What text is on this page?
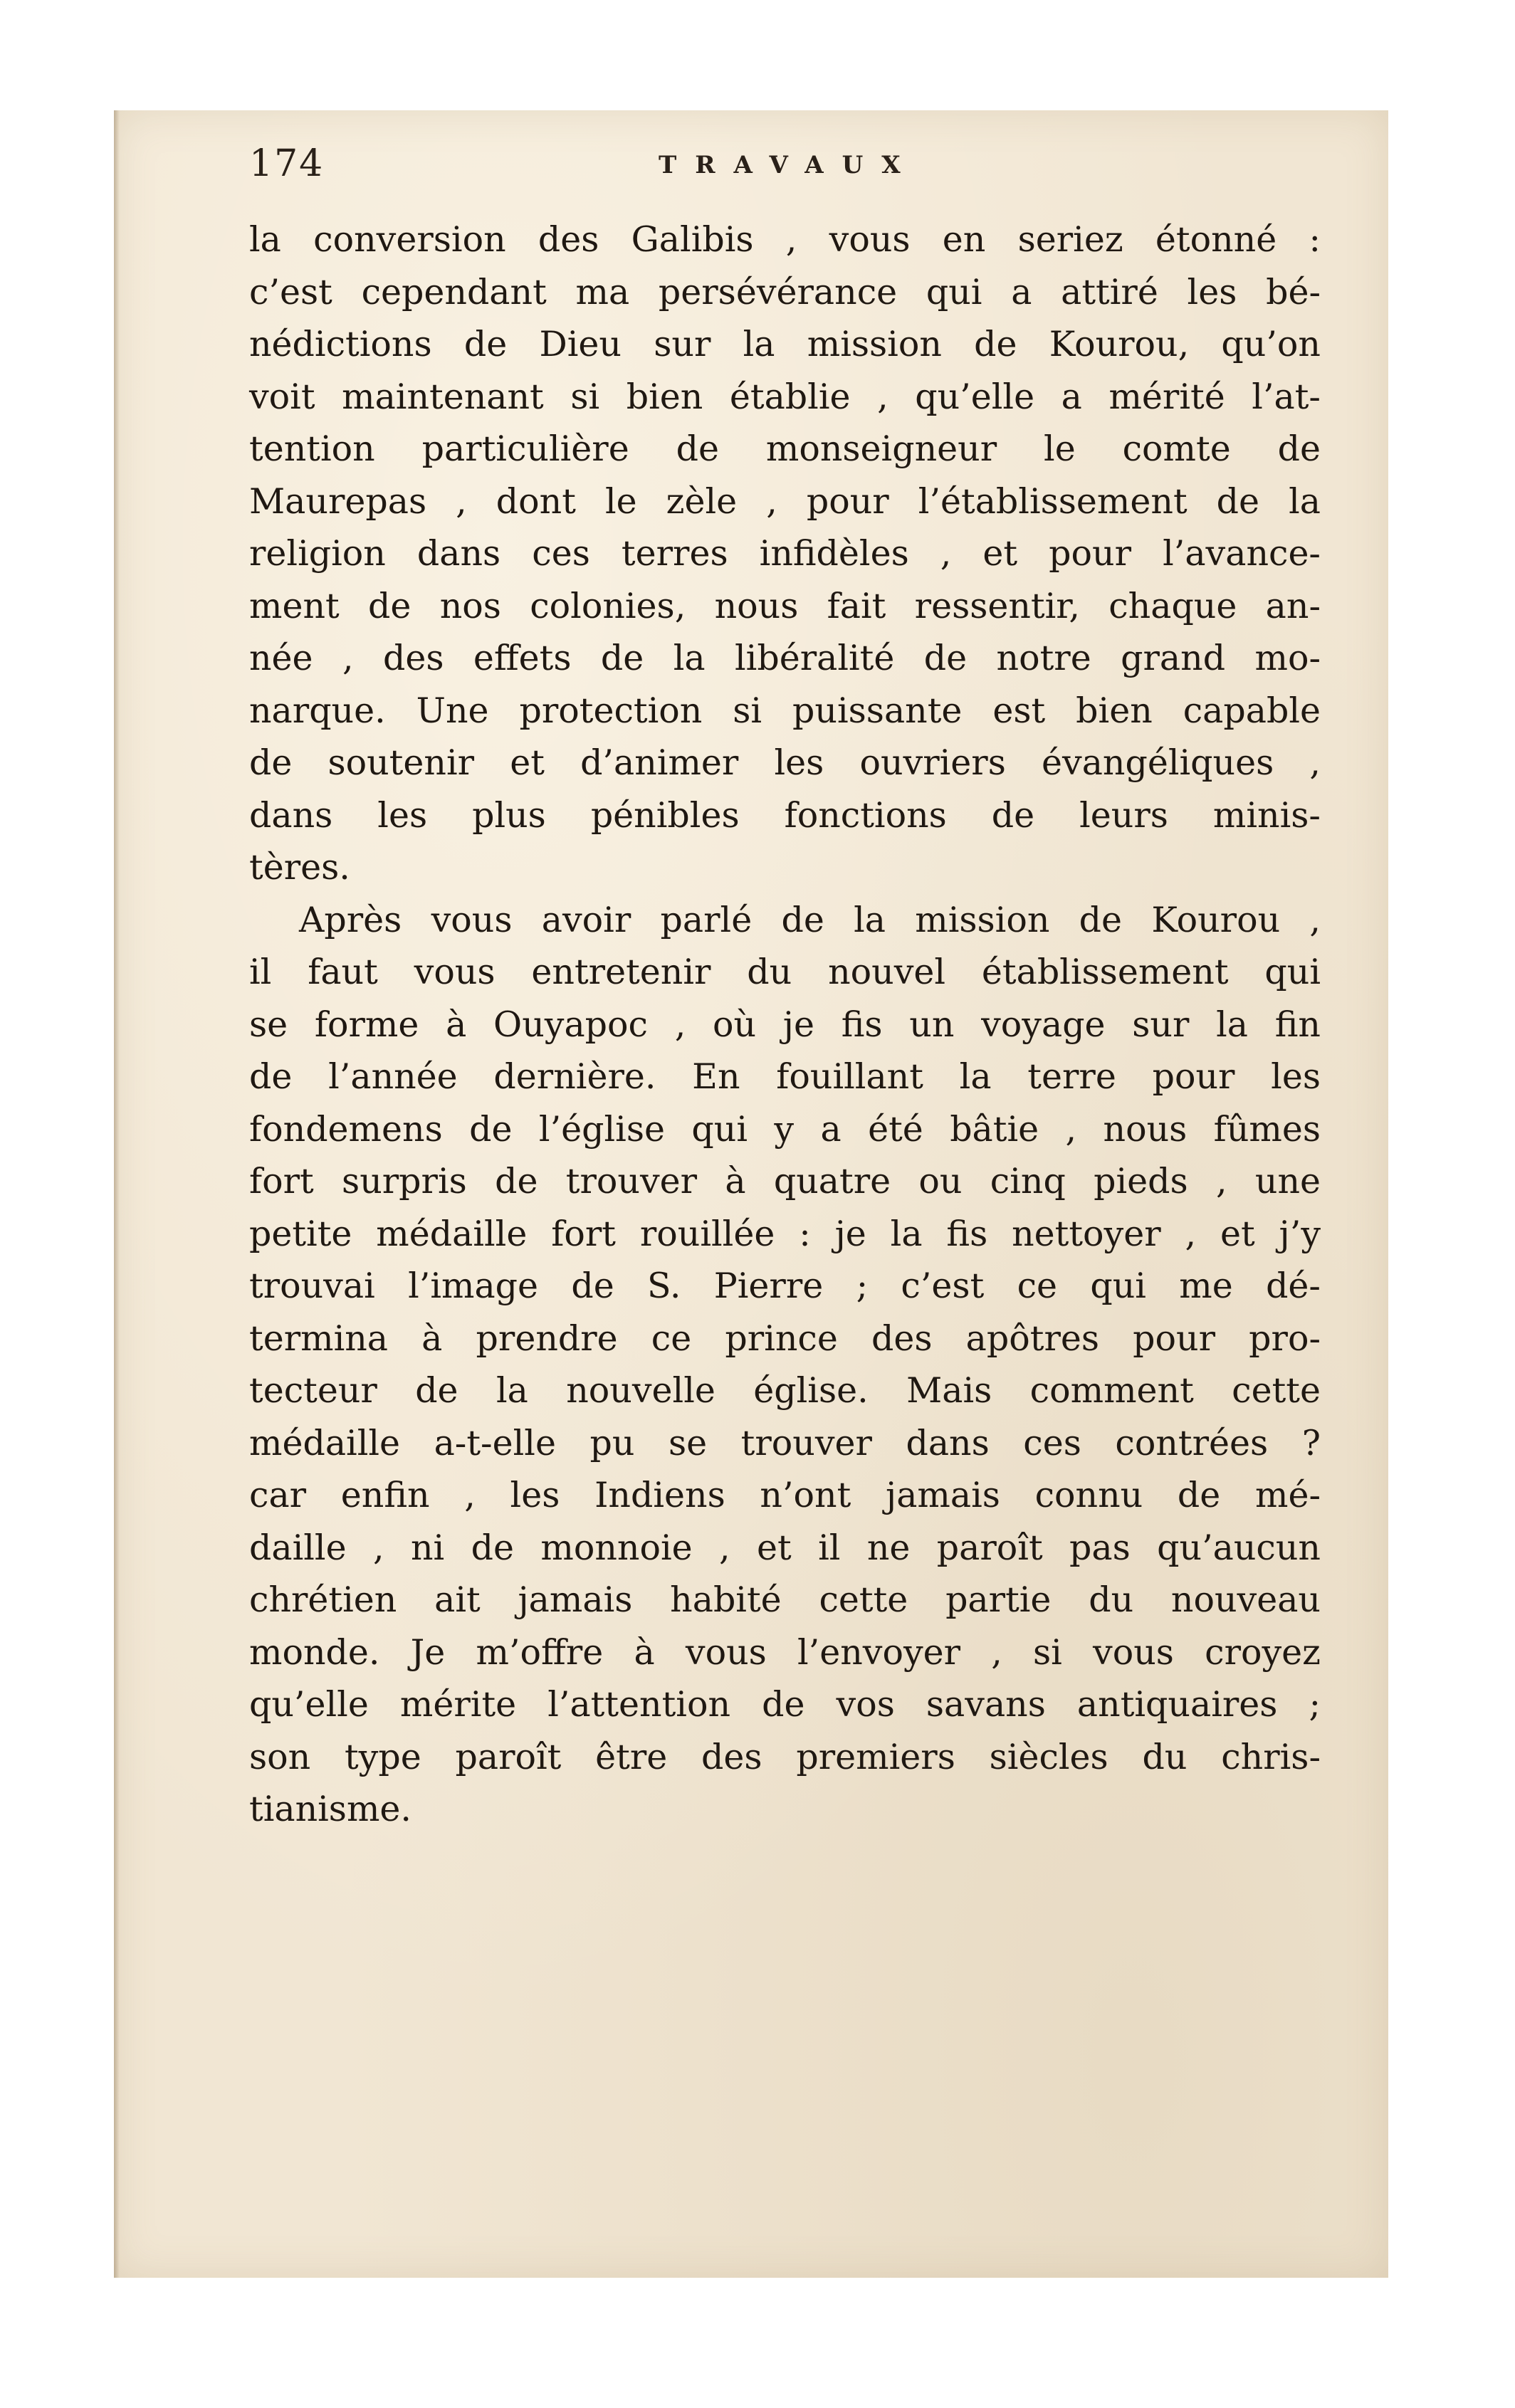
174	TRAVAUX
la conversion des Galibis , vous en seriez étonné :
c’est cependant ma persévérance qui a attiré les bé-
nédictions de Dieu sur la mission de Kourou, qu’on
voit maintenant si bien établie , qu’elle a mérité l’at-
tention particulière de monseigneur le comte de
Maurepas , dont le zèle , pour l’établissement de la
religion dans ces terres infidèles , et pour l’avance-
ment de nos colonies, nous fait ressentir, chaque an-
née , des effets de la libéralité de notre grand mo-
narque. Une protection si puissante est bien capable
de soutenir et d’animer les ouvriers évangéliques ,
dans les plus pénibles fonctions de leurs minis-
tères.
Après vous avoir parlé de la mission de Kourou ,
il faut vous entretenir du nouvel établissement qui
se forme à Ouyapoc , où je fis un voyage sur la fin
de l’année dernière. En fouillant la terre pour les
fondemens de l’église qui y a été bâtie , nous fûmes
fort surpris de trouver à quatre ou cinq pieds , une
petite médaille fort rouillée : je la fis nettoyer , et j’y
trouvai l’image de S. Pierre ; c’est ce qui me dé-
termina à prendre ce prince des apôtres pour pro-
tecteur de la nouvelle église. Mais comment cette
médaille a-t-elle pu se trouver dans ces contrées ?
car enfin , les Indiens n’ont jamais connu de mé-
daille , ni de monnoie , et il ne paroît pas qu’aucun
chrétien ait jamais habité cette partie du nouveau
monde. Je m’offre à vous l’envoyer , si vous croyez
qu’elle mérite l’attention de vos savans antiquaires ;
son type paroît être des premiers siècles du chris-
tianisme.
